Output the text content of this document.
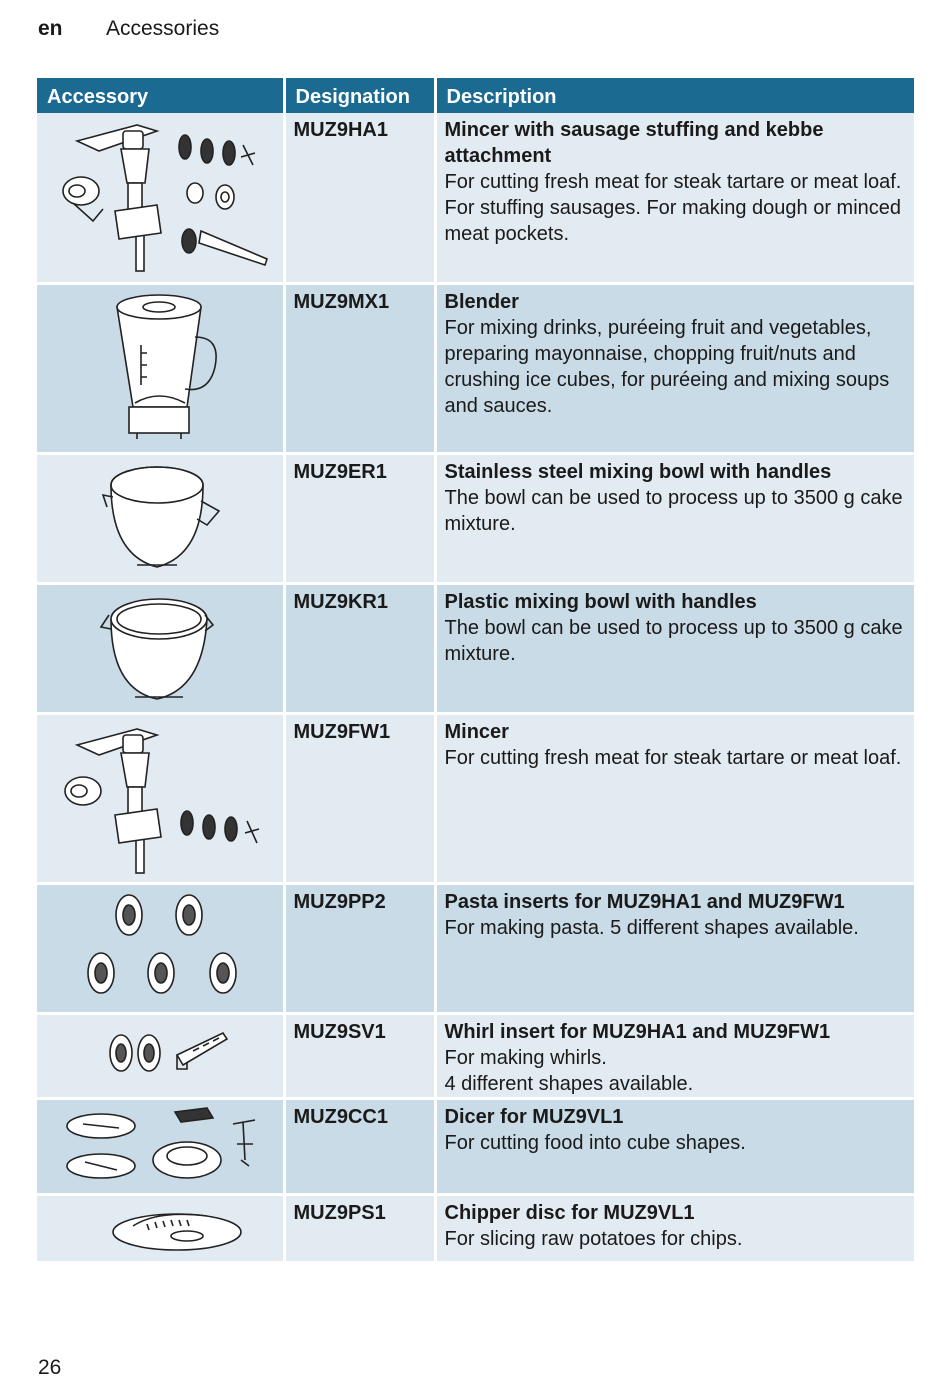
en Accessories
Accessory	Designation	Description

	MUZ9HA1	Mincer with sausage stuffing and kebbe attachment
For cutting fresh meat for steak tartare or meat loaf. For stuffing sausages. For making dough or minced meat pockets.

	MUZ9MX1	Blender
For mixing drinks, puréeing fruit and vegetables, preparing mayonnaise, chopping fruit/nuts and crushing ice cubes, for puréeing and mixing soups and sauces.

	MUZ9ER1	Stainless steel mixing bowl with handles
The bowl can be used to process up to 3500 g cake mixture.

	MUZ9KR1	Plastic mixing bowl with handles
The bowl can be used to process up to 3500 g cake mixture.

	MUZ9FW1	Mincer
For cutting fresh meat for steak tartare or meat loaf.

	MUZ9PP2	Pasta inserts for MUZ9HA1 and MUZ9FW1
For making pasta. 5 different shapes available.

	MUZ9SV1	Whirl insert for MUZ9HA1 and MUZ9FW1
For making whirls.
4 different shapes available.

	MUZ9CC1	Dicer for MUZ9VL1
For cutting food into cube shapes.

	MUZ9PS1	Chipper disc for MUZ9VL1
For slicing raw potatoes for chips.
26
